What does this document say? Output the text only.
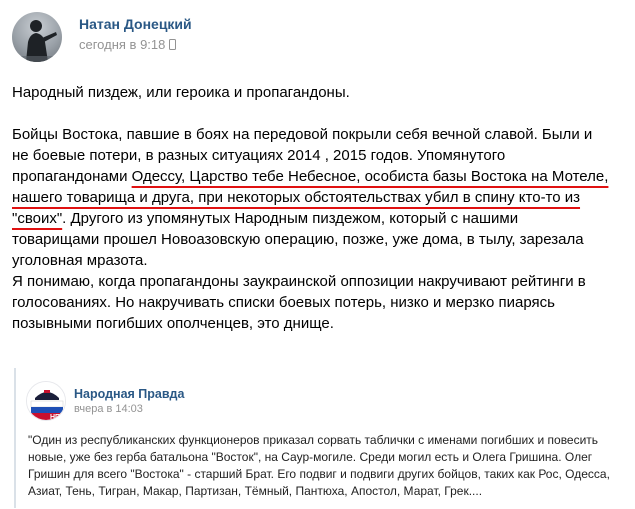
Натан Донецкий
сегодня в 9:18
Народный пиздеж, или героика и пропагандоны.
Бойцы Востока, павшие в боях на передовой покрыли себя вечной славой. Были и
не боевые потери, в разных ситуациях 2014 , 2015 годов. Упомянутого
пропагандонами Одессу, Царство тебе Небесное, особиста базы Востока на Мотеле,
нашего товарища и друга, при некоторых обстоятельствах убил в спину кто-то из
"своих". Другого из упомянутых Народным пиздежом, который с нашими
товарищами прошел Новоазовскую операцию, позже, уже дома, в тылу, зарезала
уголовная мразота.
Я понимаю, когда пропагандоны заукраинской оппозиции накручивают рейтинги в
голосованиях. Но накручивать списки боевых потерь, низко и мерзко пиарясь
позывными погибших ополченцев, это днище.
НП
Народная Правда
вчера в 14:03
"Один из республиканских функционеров приказал сорвать таблички с именами погибших и повесить
новые, уже без герба батальона "Восток", на Саур-могиле. Среди могил есть и Олега Гришина. Олег
Гришин для всего "Востока" - старший Брат. Его подвиг и подвиги других бойцов, таких как Рос, Одесса,
Азиат, Тень, Тигран, Макар, Партизан, Тёмный, Пантюха, Апостол, Марат, Грек....
